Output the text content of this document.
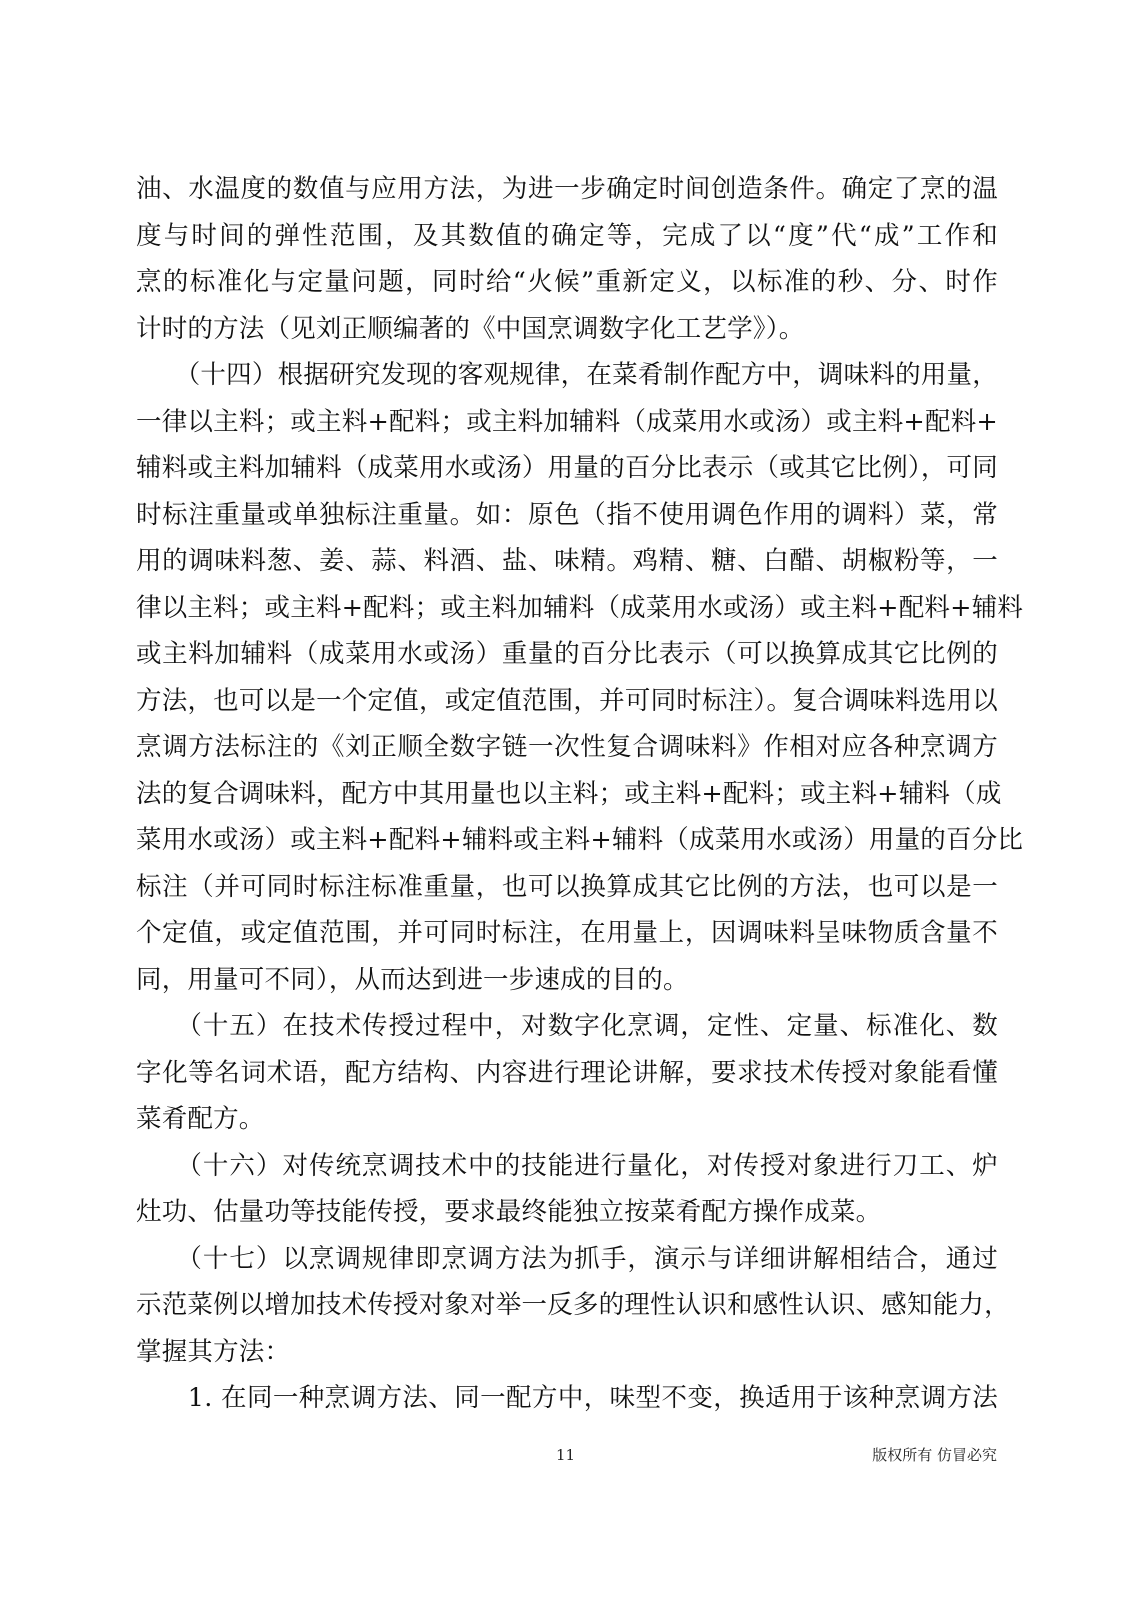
油、水温度的数值与应用方法，为进一步确定时间创造条件。确定了烹的温
度与时间的弹性范围，及其数值的确定等，完成了以“度”代“成”工作和
烹的标准化与定量问题，同时给“火候”重新定义，以标准的秒、分、时作
计时的方法（见刘正顺编著的《中国烹调数字化工艺学》）。
　　（十四）根据研究发现的客观规律，在菜肴制作配方中，调味料的用量，
一律以主料；或主料+配料；或主料加辅料（成菜用水或汤）或主料+配料+
辅料或主料加辅料（成菜用水或汤）用量的百分比表示（或其它比例），可同
时标注重量或单独标注重量。如：原色（指不使用调色作用的调料）菜，常
用的调味料葱、姜、蒜、料酒、盐、味精。鸡精、糖、白醋、胡椒粉等，一
律以主料；或主料+配料；或主料加辅料（成菜用水或汤）或主料+配料+辅料
或主料加辅料（成菜用水或汤）重量的百分比表示（可以换算成其它比例的
方法，也可以是一个定值，或定值范围，并可同时标注）。复合调味料选用以
烹调方法标注的《刘正顺全数字链一次性复合调味料》作相对应各种烹调方
法的复合调味料，配方中其用量也以主料；或主料+配料；或主料+辅料（成
菜用水或汤）或主料+配料+辅料或主料+辅料（成菜用水或汤）用量的百分比
标注（并可同时标注标准重量，也可以换算成其它比例的方法，也可以是一
个定值，或定值范围，并可同时标注，在用量上，因调味料呈味物质含量不
同，用量可不同），从而达到进一步速成的目的。
　　（十五）在技术传授过程中，对数字化烹调，定性、定量、标准化、数
字化等名词术语，配方结构、内容进行理论讲解，要求技术传授对象能看懂
菜肴配方。
　　（十六）对传统烹调技术中的技能进行量化，对传授对象进行刀工、炉
灶功、估量功等技能传授，要求最终能独立按菜肴配方操作成菜。
　　（十七）以烹调规律即烹调方法为抓手，演示与详细讲解相结合，通过
示范菜例以增加技术传授对象对举一反多的理性认识和感性认识、感知能力，
掌握其方法：
　　1. 在同一种烹调方法、同一配方中，味型不变，换适用于该种烹调方法
11	版权所有 仿冒必究
